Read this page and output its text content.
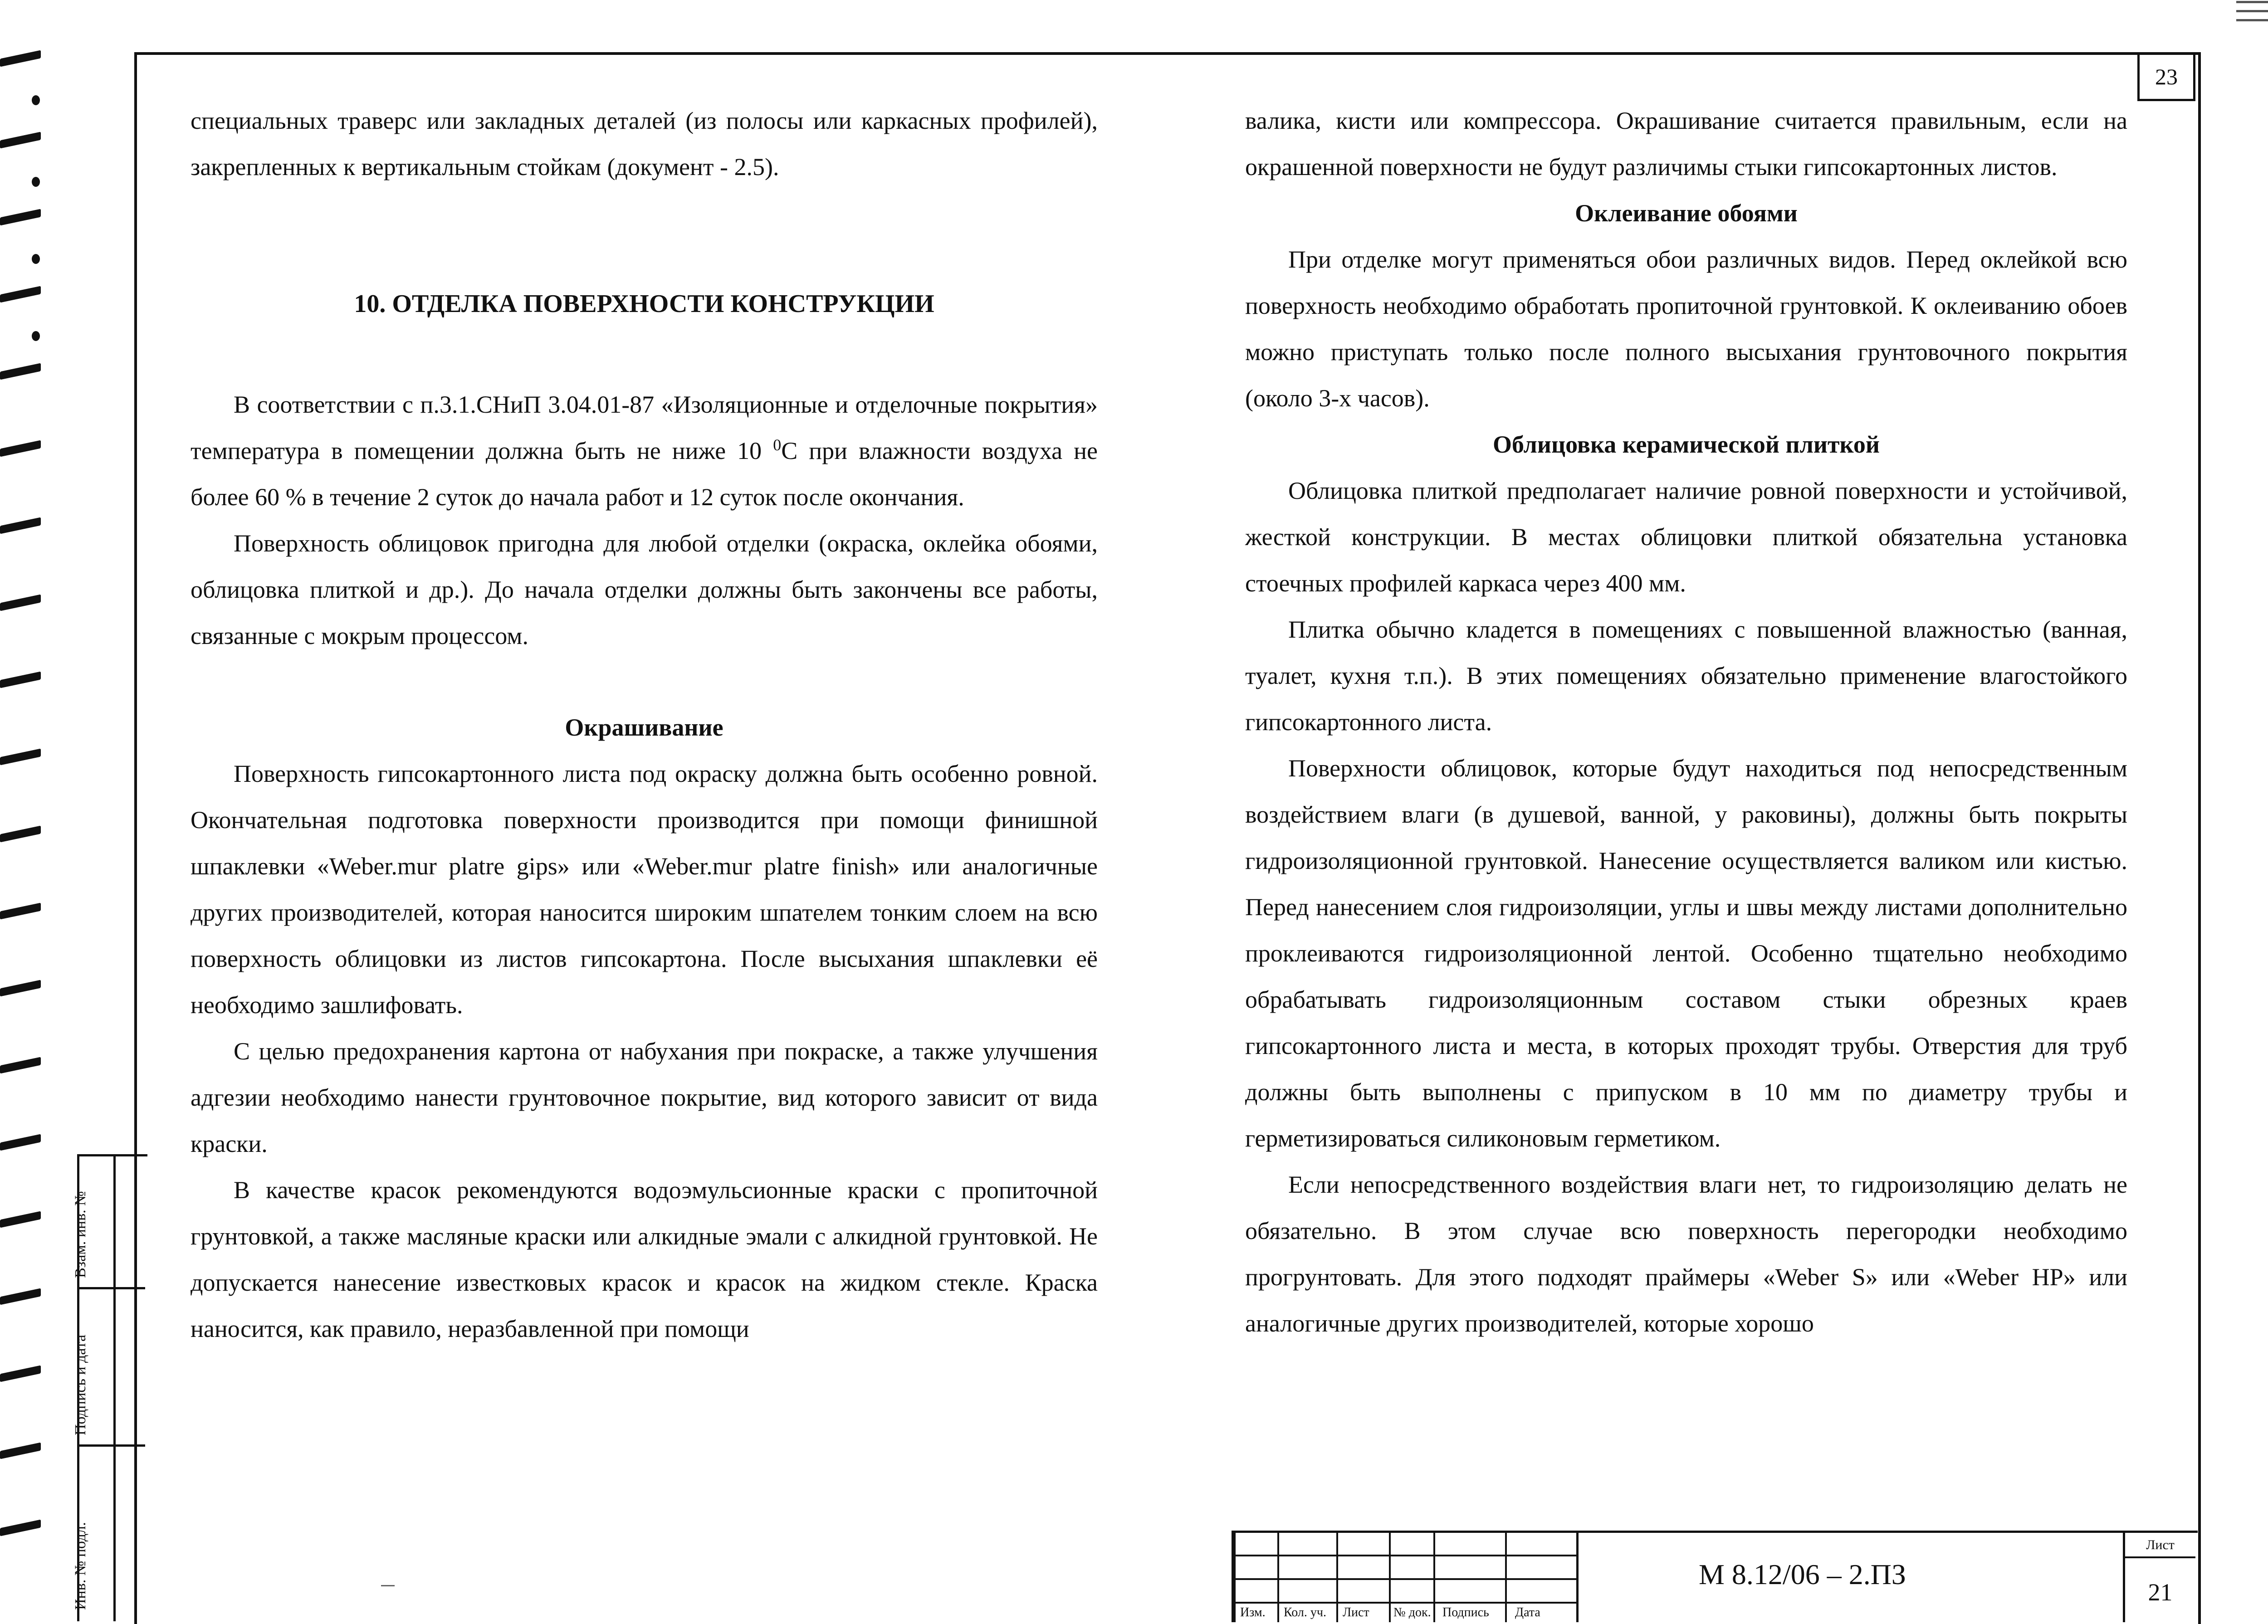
23

специальных траверс или закладных деталей (из полосы или каркасных профилей), закрепленных к вертикальным стойкам (документ - 2.5).

10. ОТДЕЛКА ПОВЕРХНОСТИ КОНСТРУКЦИИ

В соответствии с п.3.1.СНиП 3.04.01-87 «Изоляционные и отделочные покрытия» температура в помещении должна быть не ниже 10 $^0$С при влажности воздуха не более 60 % в течение 2 суток до начала работ и 12 суток после окончания.

Поверхность облицовок пригодна для любой отделки (окраска, оклейка обоями, облицовка плиткой и др.). До начала отделки должны быть закончены все работы, связанные с мокрым процессом.

Окрашивание

Поверхность гипсокартонного листа под окраску должна быть особенно ровной. Окончательная подготовка поверхности производится при помощи финишной шпаклевки «Weber.mur platre gips» или «Weber.mur platre finish» или аналогичные других производителей, которая наносится широким шпателем тонким слоем на всю поверхность облицовки из листов гипсокартона. После высыхания шпаклевки её необходимо зашлифовать.

С целью предохранения картона от набухания при покраске, а также улучшения адгезии необходимо нанести грунтовочное покрытие, вид которого зависит от вида краски.

В качестве красок рекомендуются водоэмульсионные краски с пропиточной грунтовкой, а также масляные краски или алкидные эмали с алкидной грунтовкой. Не допускается нанесение известковых красок и красок на жидком стекле. Краска наносится, как правило, неразбавленной при помощи

валика, кисти или компрессора. Окрашивание считается правильным, если на окрашенной поверхности не будут различимы стыки гипсокартонных листов.

Оклеивание обоями

При отделке могут применяться обои различных видов. Перед оклейкой всю поверхность необходимо обработать пропиточной грунтовкой. К оклеиванию обоев можно приступать только после полного высыхания грунтовочного покрытия (около 3-х часов).

Облицовка керамической плиткой

Облицовка плиткой предполагает наличие ровной поверхности и устойчивой, жесткой конструкции. В местах облицовки плиткой обязательна установка стоечных профилей каркаса через 400 мм.

Плитка обычно кладется в помещениях с повышенной влажностью (ванная, туалет, кухня т.п.). В этих помещениях обязательно применение влагостойкого гипсокартонного листа.

Поверхности облицовок, которые будут находиться под непосредственным воздействием влаги (в душевой, ванной, у раковины), должны быть покрыты гидроизоляционной грунтовкой. Нанесение осуществляется валиком или кистью. Перед нанесением слоя гидроизоляции, углы и швы между листами дополнительно проклеиваются гидроизоляционной лентой. Особенно тщательно необходимо обрабатывать гидроизоляционным составом стыки обрезных краев гипсокартонного листа и места, в которых проходят трубы. Отверстия для труб должны быть выполнены с припуском в 10 мм по диаметру трубы и герметизироваться силиконовым герметиком.

Если непосредственного воздействия влаги нет, то гидроизоляцию делать не обязательно. В этом случае всю поверхность перегородки необходимо прогрунтовать. Для этого подходят праймеры «Weber S» или «Weber HP» или аналогичные других производителей, которые хорошо

Взам. инв. №
Подпись и дата
Инв. № подл.
Изм. Кол. уч. Лист № док. Подпись Дата
М 8.12/06 – 2.ПЗ
Лист
21
